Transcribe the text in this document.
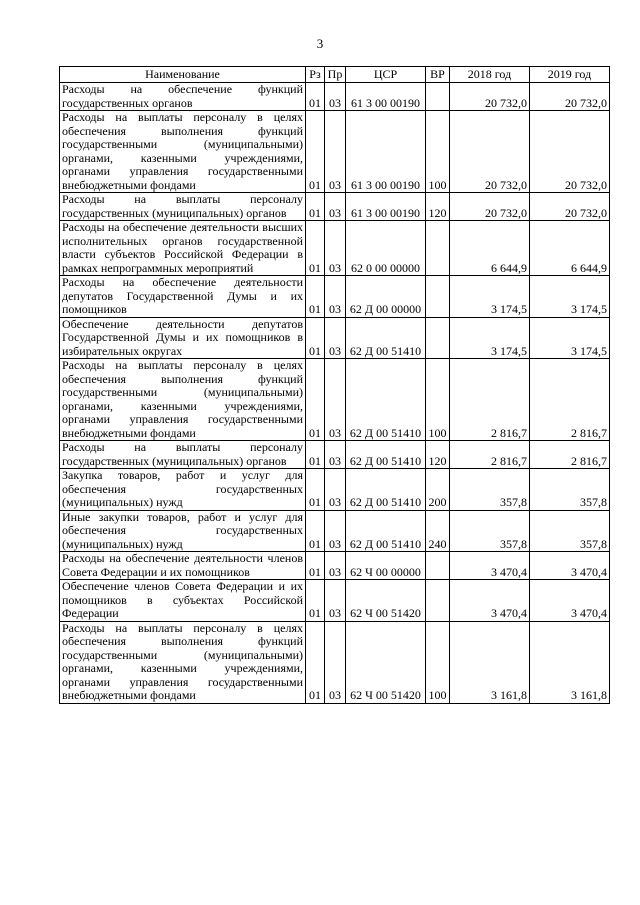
3
Наименование	Рз	Пр	ЦСР	ВР	2018 год	2019 год
Расходы на обеспечение функций государственных органов	01	03	61 3 00 00190		20 732,0	20 732,0
Расходы на выплаты персоналу в целях обеспечения выполнения функций государственными (муниципальными) органами, казенными учреждениями, органами управления государственными внебюджетными фондами	01	03	61 3 00 00190	100	20 732,0	20 732,0
Расходы на выплаты персоналу государственных (муниципальных) органов	01	03	61 3 00 00190	120	20 732,0	20 732,0
Расходы на обеспечение деятельности высших исполнительных органов государственной власти субъектов Российской Федерации в рамках непрограммных мероприятий	01	03	62 0 00 00000		6 644,9	6 644,9
Расходы на обеспечение деятельности депутатов Государственной Думы и их помощников	01	03	62 Д 00 00000		3 174,5	3 174,5
Обеспечение деятельности депутатов Государственной Думы и их помощников в избирательных округах	01	03	62 Д 00 51410		3 174,5	3 174,5
Расходы на выплаты персоналу в целях обеспечения выполнения функций государственными (муниципальными) органами, казенными учреждениями, органами управления государственными внебюджетными фондами	01	03	62 Д 00 51410	100	2 816,7	2 816,7
Расходы на выплаты персоналу государственных (муниципальных) органов	01	03	62 Д 00 51410	120	2 816,7	2 816,7
Закупка товаров, работ и услуг для обеспечения государственных (муниципальных) нужд	01	03	62 Д 00 51410	200	357,8	357,8
Иные закупки товаров, работ и услуг для обеспечения государственных (муниципальных) нужд	01	03	62 Д 00 51410	240	357,8	357,8
Расходы на обеспечение деятельности членов Совета Федерации и их помощников	01	03	62 Ч 00 00000		3 470,4	3 470,4
Обеспечение членов Совета Федерации и их помощников в субъектах Российской Федерации	01	03	62 Ч 00 51420		3 470,4	3 470,4
Расходы на выплаты персоналу в целях обеспечения выполнения функций государственными (муниципальными) органами, казенными учреждениями, органами управления государственными внебюджетными фондами	01	03	62 Ч 00 51420	100	3 161,8	3 161,8
